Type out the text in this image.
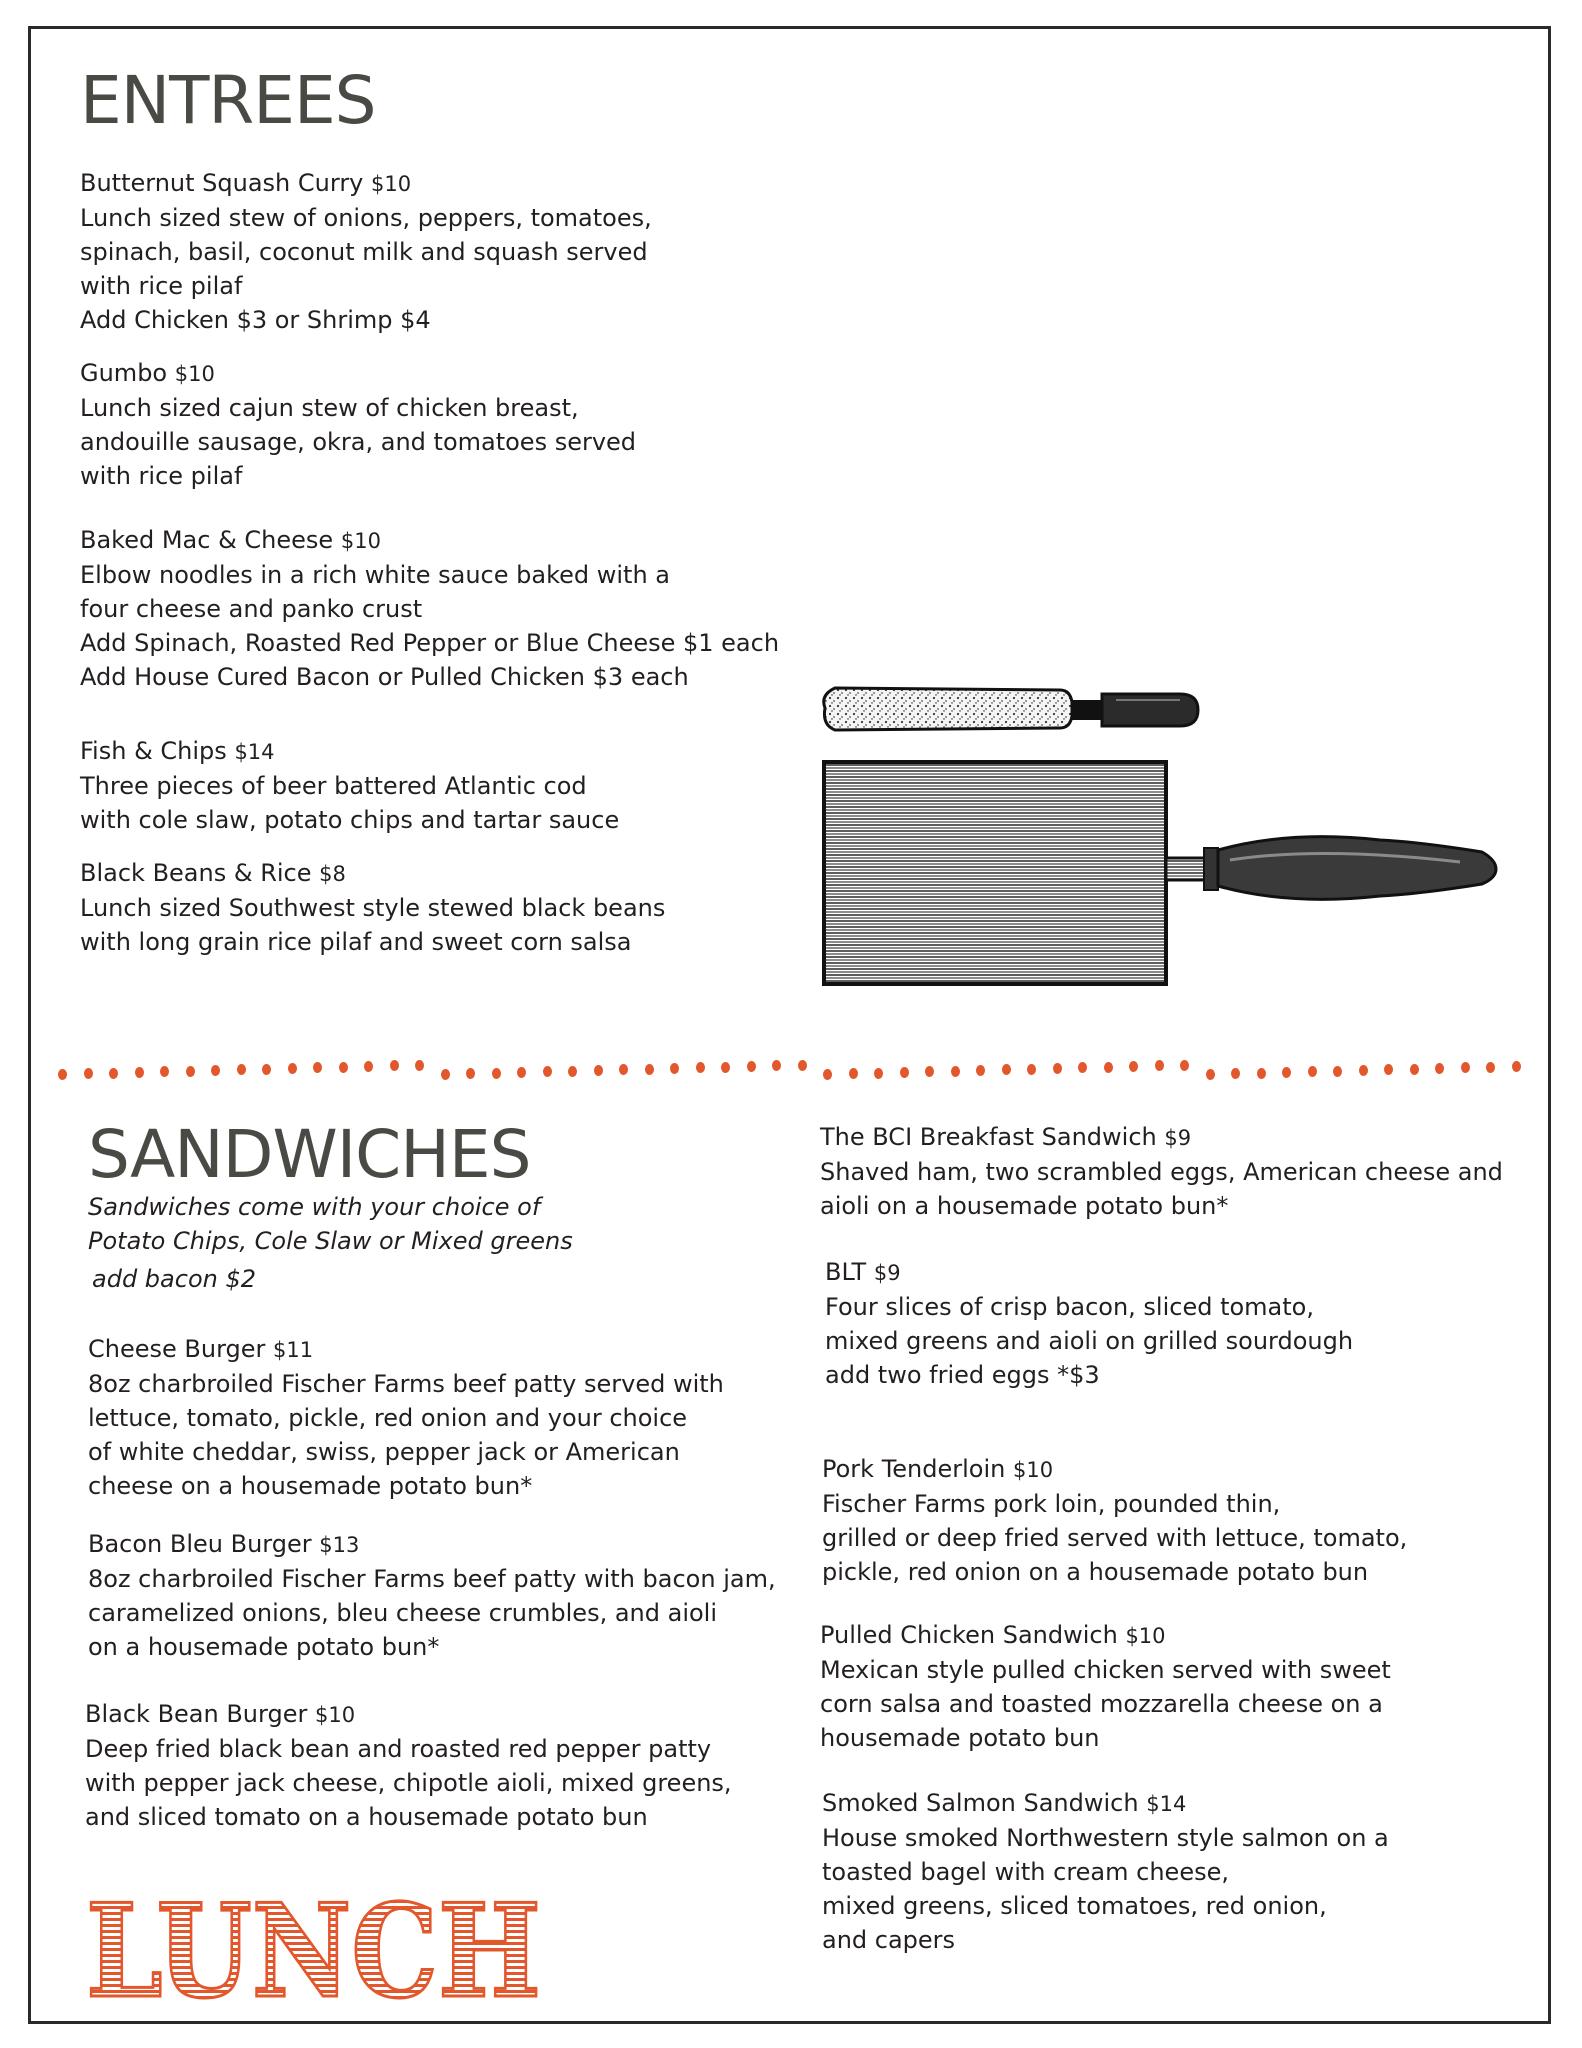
ENTREES

Butternut Squash Curry $10

Lunch sized stew of onions, peppers, tomatoes,

spinach, basil, coconut milk and squash served

with rice pilaf

Add Chicken $3 or Shrimp $4

Gumbo $10

Lunch sized cajun stew of chicken breast,

andouille sausage, okra, and tomatoes served

with rice pilaf

Baked Mac & Cheese $10

Elbow noodles in a rich white sauce baked with a

four cheese and panko crust

Add Spinach, Roasted Red Pepper or Blue Cheese $1 each

Add House Cured Bacon or Pulled Chicken $3 each

Fish & Chips $14

Three pieces of beer battered Atlantic cod

with cole slaw, potato chips and tartar sauce

Black Beans & Rice $8

Lunch sized Southwest style stewed black beans

with long grain rice pilaf and sweet corn salsa

SANDWICHES

Sandwiches come with your choice of

Potato Chips, Cole Slaw or Mixed greens

add bacon $2

Cheese Burger $11

8oz charbroiled Fischer Farms beef patty served with

lettuce, tomato, pickle, red onion and your choice

of white cheddar, swiss, pepper jack or American

cheese on a housemade potato bun*

Bacon Bleu Burger $13

8oz charbroiled Fischer Farms beef patty with bacon jam,

caramelized onions, bleu cheese crumbles, and aioli

on a housemade potato bun*

Black Bean Burger $10

Deep fried black bean and roasted red pepper patty

with pepper jack cheese, chipotle aioli, mixed greens,

and sliced tomato on a housemade potato bun

The BCI Breakfast Sandwich $9

Shaved ham, two scrambled eggs, American cheese and

aioli on a housemade potato bun*

BLT $9

Four slices of crisp bacon, sliced tomato,

mixed greens and aioli on grilled sourdough

add two fried eggs *$3

Pork Tenderloin $10

Fischer Farms pork loin, pounded thin,

grilled or deep fried served with lettuce, tomato,

pickle, red onion on a housemade potato bun

Pulled Chicken Sandwich $10

Mexican style pulled chicken served with sweet

corn salsa and toasted mozzarella cheese on a

housemade potato bun

Smoked Salmon Sandwich $14

House smoked Northwestern style salmon on a

toasted bagel with cream cheese,

mixed greens, sliced tomatoes, red onion,

and capers

LUNCH
